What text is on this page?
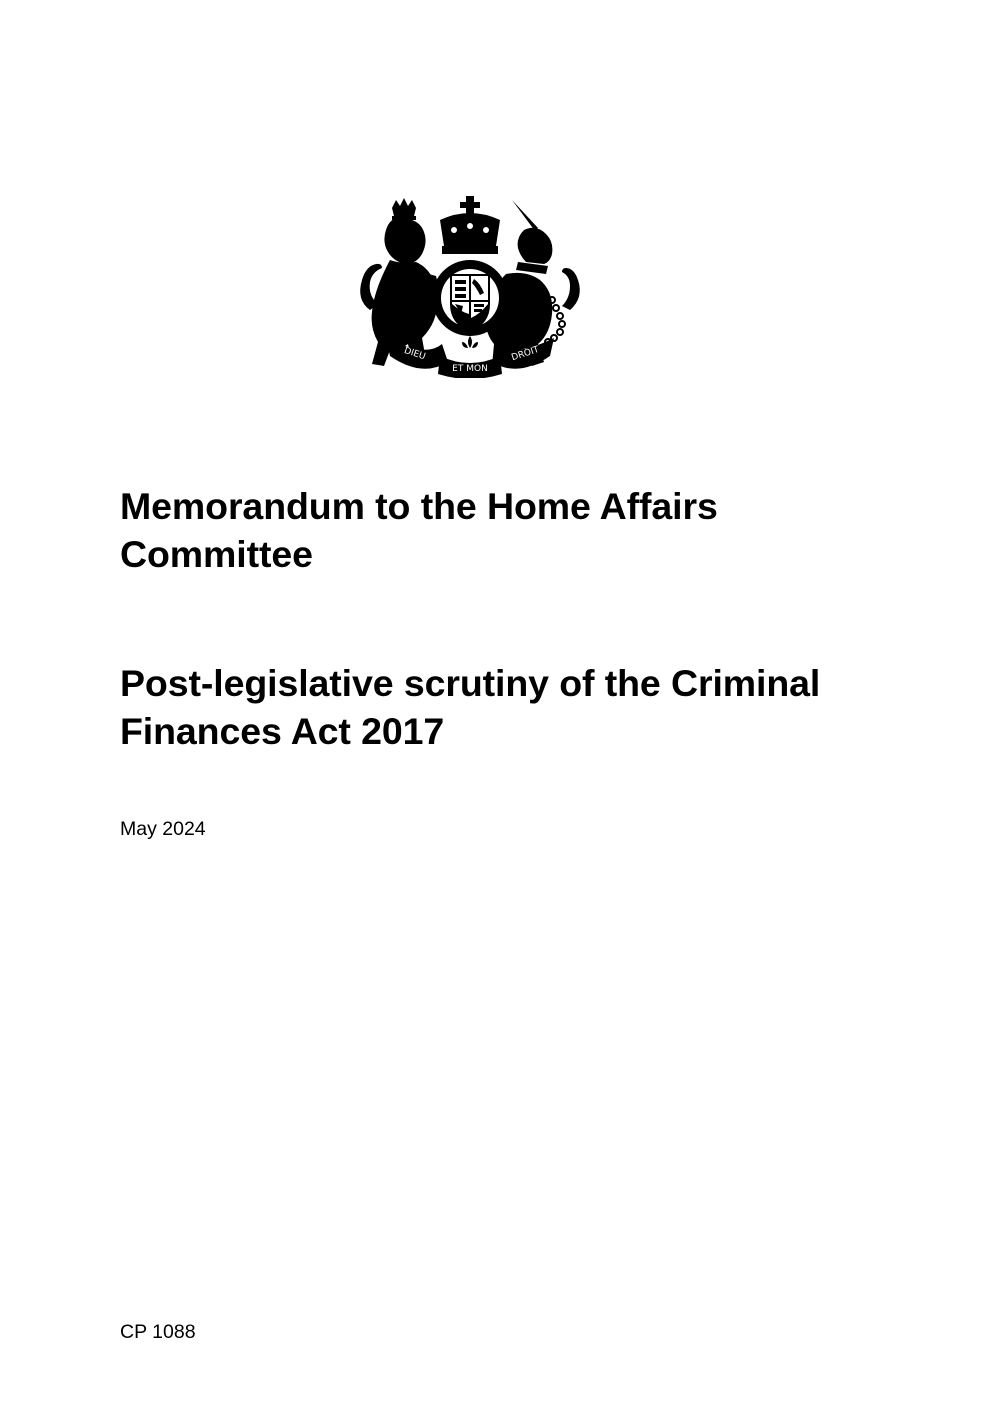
DIEU
ET MON
DROIT
Memorandum to the Home Affairs
Committee
Post-legislative scrutiny of the Criminal
Finances Act 2017

May 2024

CP 1088
